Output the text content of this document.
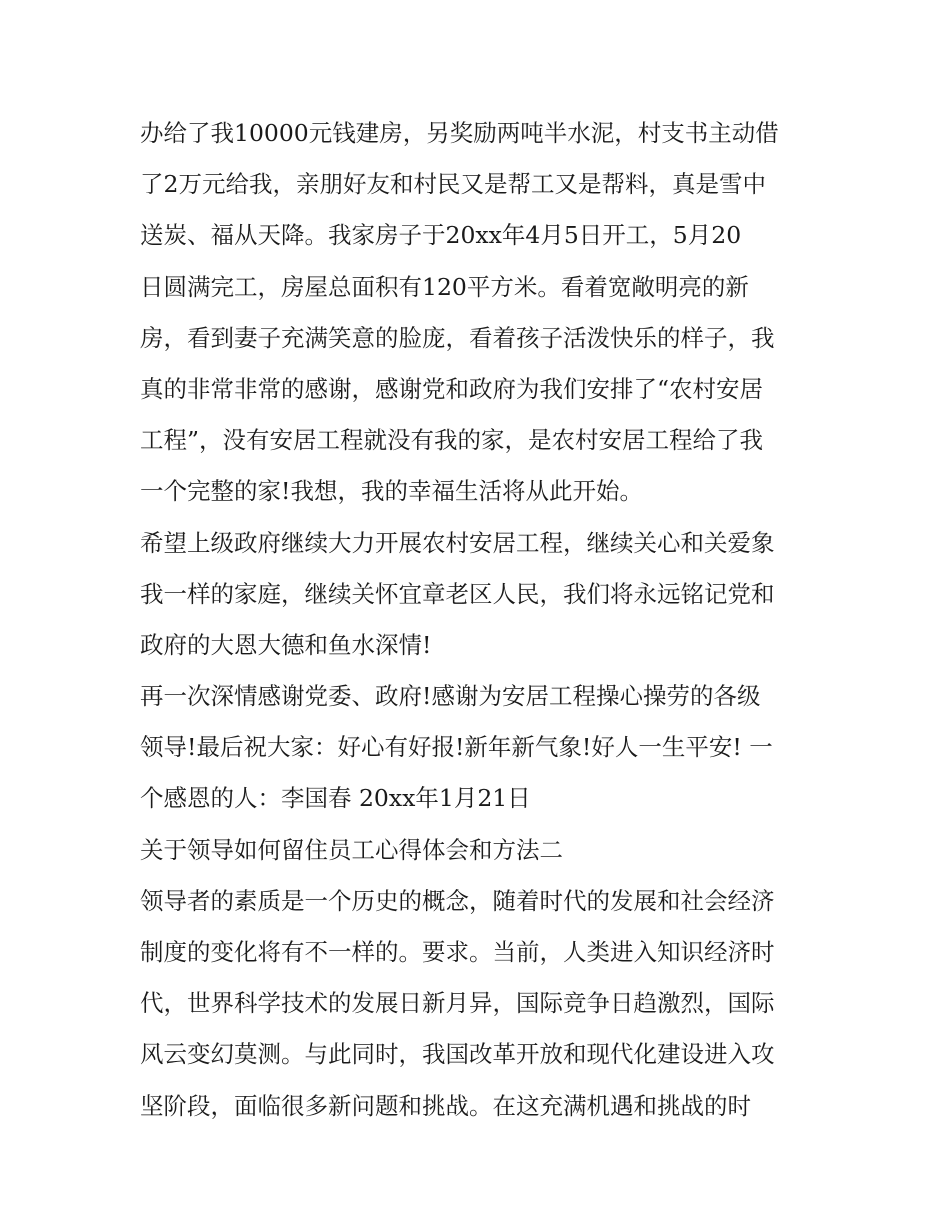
办给了我10000元钱建房，另奖励两吨半水泥，村支书主动借
了2万元给我，亲朋好友和村民又是帮工又是帮料，真是雪中
送炭、福从天降。我家房子于20xx年4月5日开工，5月20
日圆满完工，房屋总面积有120平方米。看着宽敞明亮的新
房，看到妻子充满笑意的脸庞，看着孩子活泼快乐的样子，我
真的非常非常的感谢，感谢党和政府为我们安排了“农村安居
工程”，没有安居工程就没有我的家，是农村安居工程给了我
一个完整的家!我想，我的幸福生活将从此开始。
希望上级政府继续大力开展农村安居工程，继续关心和关爱象
我一样的家庭，继续关怀宜章老区人民，我们将永远铭记党和
政府的大恩大德和鱼水深情!
再一次深情感谢党委、政府!感谢为安居工程操心操劳的各级
领导!最后祝大家：好心有好报!新年新气象!好人一生平安! 一
个感恩的人：李国春 20xx年1月21日
关于领导如何留住员工心得体会和方法二
领导者的素质是一个历史的概念，随着时代的发展和社会经济
制度的变化将有不一样的。要求。当前，人类进入知识经济时
代，世界科学技术的发展日新月异，国际竞争日趋激烈，国际
风云变幻莫测。与此同时，我国改革开放和现代化建设进入攻
坚阶段，面临很多新问题和挑战。在这充满机遇和挑战的时
